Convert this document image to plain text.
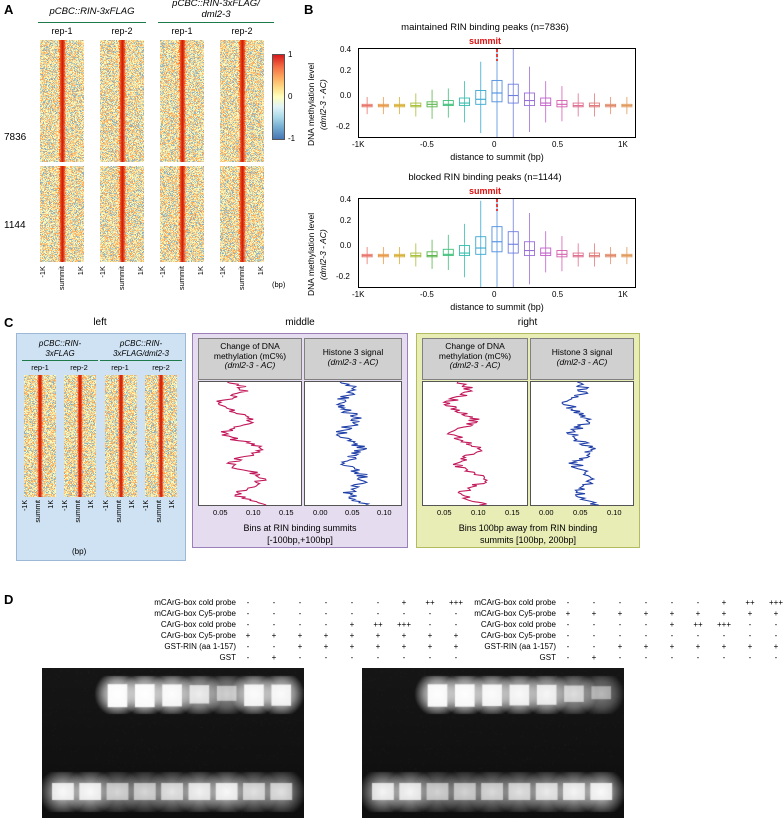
A	pCBC::RIN-3xFLAG
pCBC::RIN-3xFLAG/
dml2-3
rep-1	rep-2	rep-1	rep-2
7836
1144
-1K summit 1K -1K summit 1K -1K summit 1K -1K summit 1K
(bp)
1
0
-1
B
maintained RIN binding peaks (n=7836)
summit
DNA methylation level (dml2-3 - AC)
0.4
0.2
0.0
-0.2
-1K	-0.5	0	0.5	1K
distance to summit (bp)
blocked RIN binding peaks (n=1144)
summit
DNA methylation level (dml2-3 - AC)
0.4
0.2
0.0
-0.2
-1K	-0.5	0	0.5	1K
distance to summit (bp)
C	left	middle	right
pCBC::RIN-
3xFLAG
pCBC::RIN-
3xFLAG/dml2-3
rep-1	rep-2	rep-1	rep-2
-1K summit 1K -1K summit 1K -1K summit 1K -1K summit 1K
(bp)
Change of DNA
methylation (mC%)
(dml2-3 - AC)
Histone 3 signal
(dml2-3 - AC)
0.05 0.10 0.15	0.00 0.05 0.10
Bins at RIN binding summits
[-100bp,+100bp]
Change of DNA
methylation (mC%)
(dml2-3 - AC)
Histone 3 signal
(dml2-3 - AC)
0.05	0.10	0.15	0.00	0.05	0.10
Bins 100bp away from RIN binding
summits [100bp, 200bp]
D	mCArG-box cold probe	-	-	-	-	-	-	+	++	+++
mCArG-box Cy5-probe	-	-	-	-	-	-	-	-	-
CArG-box cold probe	-	-	-	-	+	++	+++	-	-
CArG-box Cy5-probe	+	+	+	+	+	+	+	+	+
GST-RIN (aa 1-157)	-	-	+	+	+	+	+	+	+
GST	-	+	-	-	-	-	-	-	-
mCArG-box cold probe	-	-	-	-	-	-	+	++	+++
mCArG-box Cy5-probe	+	+	+	+	+	+	+	+	+
CArG-box cold probe	-	-	-	-	+	++	+++	-	-
CArG-box Cy5-probe	-	-	-	-	-	-	-	-	-
GST-RIN (aa 1-157)	-	-	+	+	+	+	+	+	+
GST	-	+	-	-	-	-	-	-	-
